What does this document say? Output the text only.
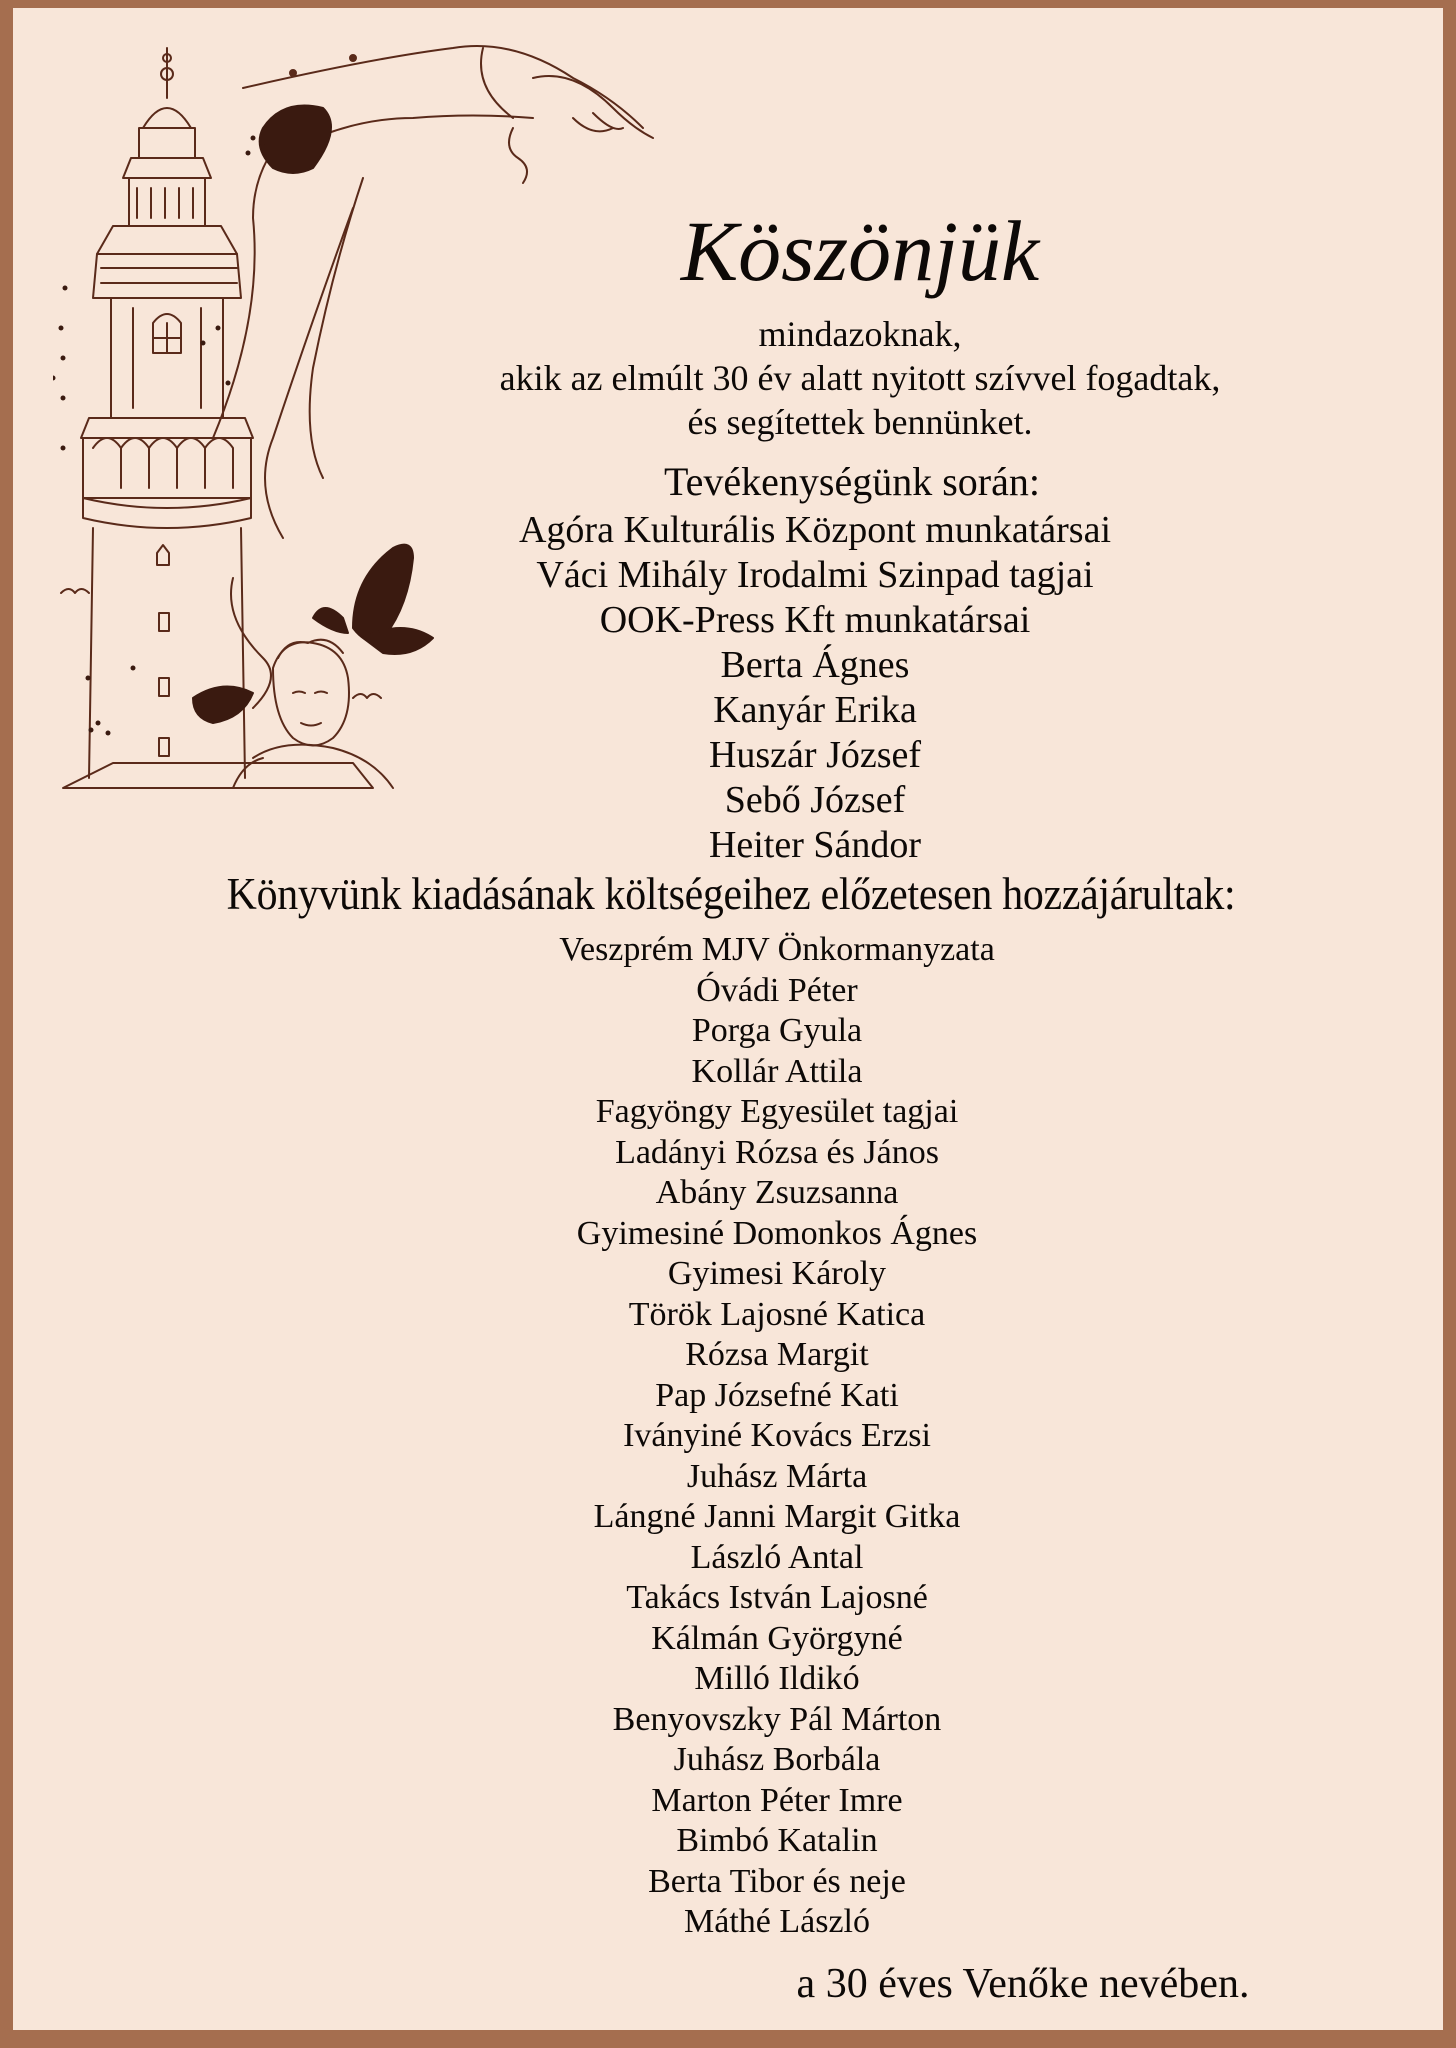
Köszönjük
mindazoknak,
akik az elmúlt 30 év alatt nyitott szívvel fogadtak,
és segítettek bennünket.
Tevékenységünk során:
Agóra Kulturális Központ munkatársai
Váci Mihály Irodalmi Szinpad tagjai
OOK-Press Kft munkatársai
Berta Ágnes
Kanyár Erika
Huszár József
Sebő József
Heiter Sándor
Könyvünk kiadásának költségeihez előzetesen hozzájárultak:
Veszprém MJV Önkormanyzata
Óvádi Péter
Porga Gyula
Kollár Attila
Fagyöngy Egyesület tagjai
Ladányi Rózsa és János
Abány Zsuzsanna
Gyimesiné Domonkos Ágnes
Gyimesi Károly
Török Lajosné Katica
Rózsa Margit
Pap Józsefné Kati
Iványiné Kovács Erzsi
Juhász Márta
Lángné Janni Margit Gitka
László Antal
Takács István Lajosné
Kálmán Györgyné
Milló Ildikó
Benyovszky Pál Márton
Juhász Borbála
Marton Péter Imre
Bimbó Katalin
Berta Tibor és neje
Máthé László
a 30 éves Venőke nevében.
